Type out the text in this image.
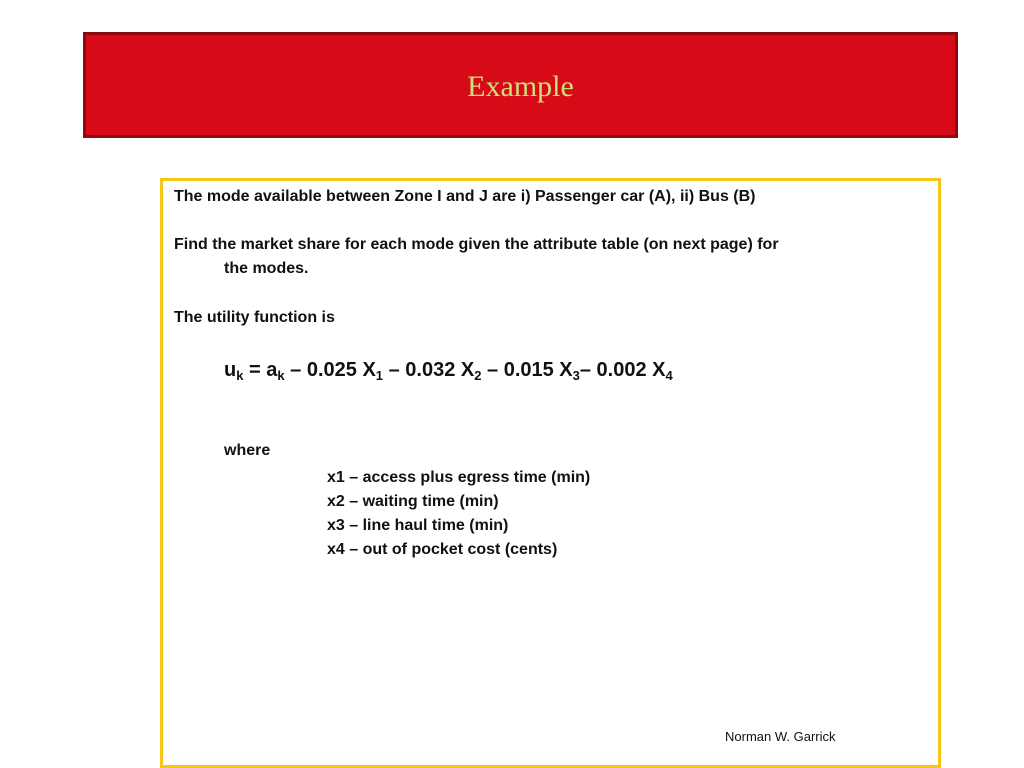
Example
The mode available between Zone I and J are i) Passenger car (A), ii) Bus (B)
Find the market share for each mode given the attribute table (on next page) for
the modes.
The utility function is
$u_k = a_k - 0.025$ $X_1 - 0.032$ $X_2 - 0.015$ $X_3-$ 0.002 $X_4$
where
x1 – access plus egress time (min)
x2 – waiting time (min)
x3 – line haul time (min)
x4 – out of pocket cost (cents)
Norman W. Garrick
